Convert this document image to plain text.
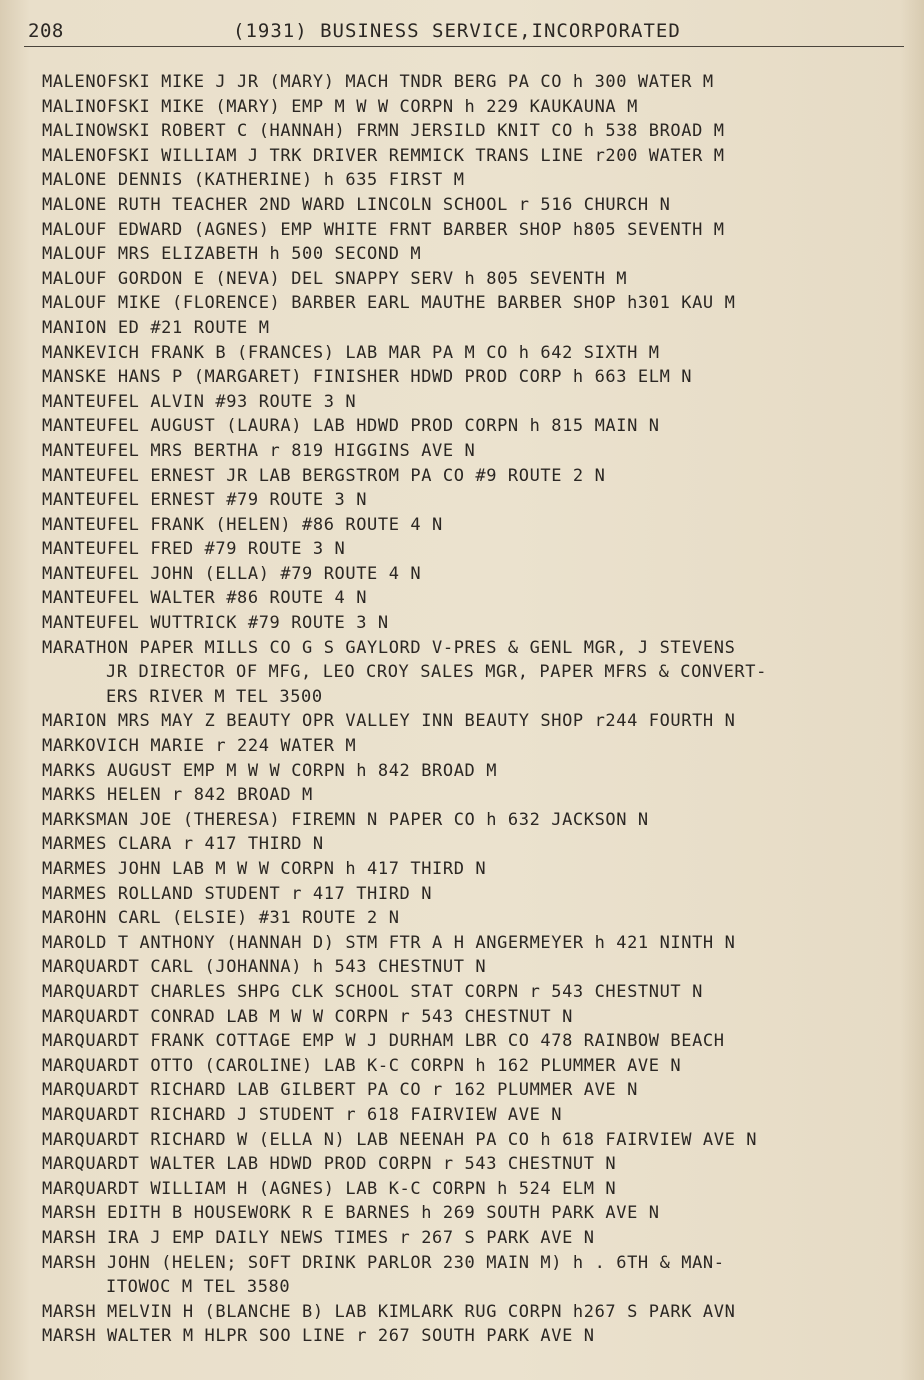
208	(1931) BUSINESS SERVICE,INCORPORATED
MALENOFSKI MIKE J JR (MARY) MACH TNDR BERG PA CO h 300 WATER M
MALINOFSKI MIKE (MARY) EMP M W W CORPN h 229 KAUKAUNA M
MALINOWSKI ROBERT C (HANNAH) FRMN JERSILD KNIT CO h 538 BROAD M
MALENOFSKI WILLIAM J TRK DRIVER REMMICK TRANS LINE r200 WATER M
MALONE DENNIS (KATHERINE) h 635 FIRST M
MALONE RUTH TEACHER 2ND WARD LINCOLN SCHOOL r 516 CHURCH N
MALOUF EDWARD (AGNES) EMP WHITE FRNT BARBER SHOP h805 SEVENTH M
MALOUF MRS ELIZABETH h 500 SECOND M
MALOUF GORDON E (NEVA) DEL SNAPPY SERV h 805 SEVENTH M
MALOUF MIKE (FLORENCE) BARBER EARL MAUTHE BARBER SHOP h301 KAU M
MANION ED #21 ROUTE M
MANKEVICH FRANK B (FRANCES) LAB MAR PA M CO h 642 SIXTH M
MANSKE HANS P (MARGARET) FINISHER HDWD PROD CORP h 663 ELM N
MANTEUFEL ALVIN #93 ROUTE 3 N
MANTEUFEL AUGUST (LAURA) LAB HDWD PROD CORPN h 815 MAIN N
MANTEUFEL MRS BERTHA r 819 HIGGINS AVE N
MANTEUFEL ERNEST JR LAB BERGSTROM PA CO #9 ROUTE 2 N
MANTEUFEL ERNEST #79 ROUTE 3 N
MANTEUFEL FRANK (HELEN) #86 ROUTE 4 N
MANTEUFEL FRED #79 ROUTE 3 N
MANTEUFEL JOHN (ELLA) #79 ROUTE 4 N
MANTEUFEL WALTER #86 ROUTE 4 N
MANTEUFEL WUTTRICK #79 ROUTE 3 N
MARATHON PAPER MILLS CO G S GAYLORD V-PRES & GENL MGR, J STEVENS
JR DIRECTOR OF MFG, LEO CROY SALES MGR, PAPER MFRS & CONVERT-
ERS RIVER M TEL 3500
MARION MRS MAY Z BEAUTY OPR VALLEY INN BEAUTY SHOP r244 FOURTH N
MARKOVICH MARIE r 224 WATER M
MARKS AUGUST EMP M W W CORPN h 842 BROAD M
MARKS HELEN r 842 BROAD M
MARKSMAN JOE (THERESA) FIREMN N PAPER CO h 632 JACKSON N
MARMES CLARA r 417 THIRD N
MARMES JOHN LAB M W W CORPN h 417 THIRD N
MARMES ROLLAND STUDENT r 417 THIRD N
MAROHN CARL (ELSIE) #31 ROUTE 2 N
MAROLD T ANTHONY (HANNAH D) STM FTR A H ANGERMEYER h 421 NINTH N
MARQUARDT CARL (JOHANNA) h 543 CHESTNUT N
MARQUARDT CHARLES SHPG CLK SCHOOL STAT CORPN r 543 CHESTNUT N
MARQUARDT CONRAD LAB M W W CORPN r 543 CHESTNUT N
MARQUARDT FRANK COTTAGE EMP W J DURHAM LBR CO 478 RAINBOW BEACH
MARQUARDT OTTO (CAROLINE) LAB K-C CORPN h 162 PLUMMER AVE N
MARQUARDT RICHARD LAB GILBERT PA CO r 162 PLUMMER AVE N
MARQUARDT RICHARD J STUDENT r 618 FAIRVIEW AVE N
MARQUARDT RICHARD W (ELLA N) LAB NEENAH PA CO h 618 FAIRVIEW AVE N
MARQUARDT WALTER LAB HDWD PROD CORPN r 543 CHESTNUT N
MARQUARDT WILLIAM H (AGNES) LAB K-C CORPN h 524 ELM N
MARSH EDITH B HOUSEWORK R E BARNES h 269 SOUTH PARK AVE N
MARSH IRA J EMP DAILY NEWS TIMES r 267 S PARK AVE N
MARSH JOHN (HELEN; SOFT DRINK PARLOR 230 MAIN M) h . 6TH & MAN-
ITOWOC M TEL 3580
MARSH MELVIN H (BLANCHE B) LAB KIMLARK RUG CORPN h267 S PARK AVN
MARSH WALTER M HLPR SOO LINE r 267 SOUTH PARK AVE N
